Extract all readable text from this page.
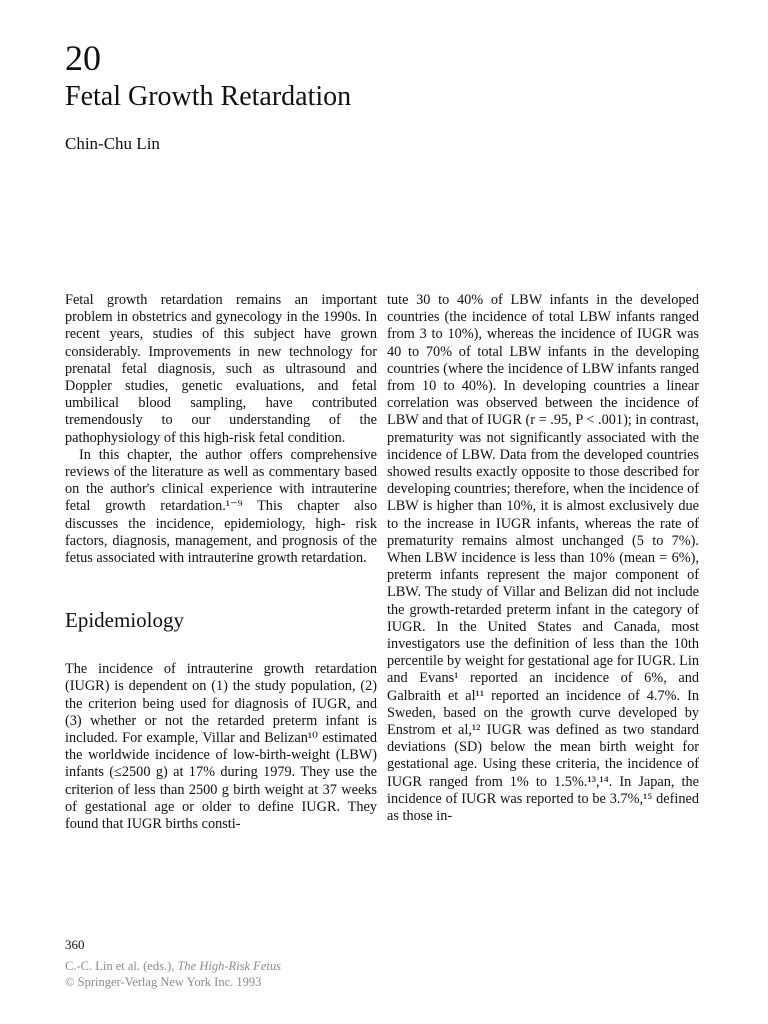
20
Fetal Growth Retardation

Chin-Chu Lin

Fetal growth retardation remains an important problem in obstetrics and gynecology in the 1990s. In recent years, studies of this subject have grown considerably. Improvements in new technology for prenatal fetal diagnosis, such as ultrasound and Doppler studies, genetic evaluations, and fetal umbilical blood sampling, have contributed tremendously to our understanding of the pathophysiology of this high-risk fetal condition.

In this chapter, the author offers comprehensive reviews of the literature as well as commentary based on the author's clinical experience with intrauterine fetal growth retardation.¹⁻⁹ This chapter also discusses the incidence, epidemiology, high- risk factors, diagnosis, management, and prognosis of the fetus associated with intrauterine growth retardation.

Epidemiology

The incidence of intrauterine growth retardation (IUGR) is dependent on (1) the study population, (2) the criterion being used for diagnosis of IUGR, and (3) whether or not the retarded preterm infant is included. For example, Villar and Belizan¹⁰ estimated the worldwide incidence of low-birth-weight (LBW) infants (≤2500 g) at 17% during 1979. They use the criterion of less than 2500 g birth weight at 37 weeks of gestational age or older to define IUGR. They found that IUGR births consti-

tute 30 to 40% of LBW infants in the developed countries (the incidence of total LBW infants ranged from 3 to 10%), whereas the incidence of IUGR was 40 to 70% of total LBW infants in the developing countries (where the incidence of LBW infants ranged from 10 to 40%). In developing countries a linear correlation was observed between the incidence of LBW and that of IUGR (r = .95, P < .001); in contrast, prematurity was not significantly associated with the incidence of LBW. Data from the developed countries showed results exactly opposite to those described for developing countries; therefore, when the incidence of LBW is higher than 10%, it is almost exclusively due to the increase in IUGR infants, whereas the rate of prematurity remains almost unchanged (5 to 7%). When LBW incidence is less than 10% (mean = 6%), preterm infants represent the major component of LBW. The study of Villar and Belizan did not include the growth-retarded preterm infant in the category of IUGR. In the United States and Canada, most investigators use the definition of less than the 10th percentile by weight for gestational age for IUGR. Lin and Evans¹ reported an incidence of 6%, and Galbraith et al¹¹ reported an incidence of 4.7%. In Sweden, based on the growth curve developed by Enstrom et al,¹² IUGR was defined as two standard deviations (SD) below the mean birth weight for gestational age. Using these criteria, the incidence of IUGR ranged from 1% to 1.5%.¹³,¹⁴. In Japan, the incidence of IUGR was reported to be 3.7%,¹⁵ defined as those in-

360

C.-C. Lin et al. (eds.), The High-Risk Fetus

© Springer-Verlag New York Inc. 1993
